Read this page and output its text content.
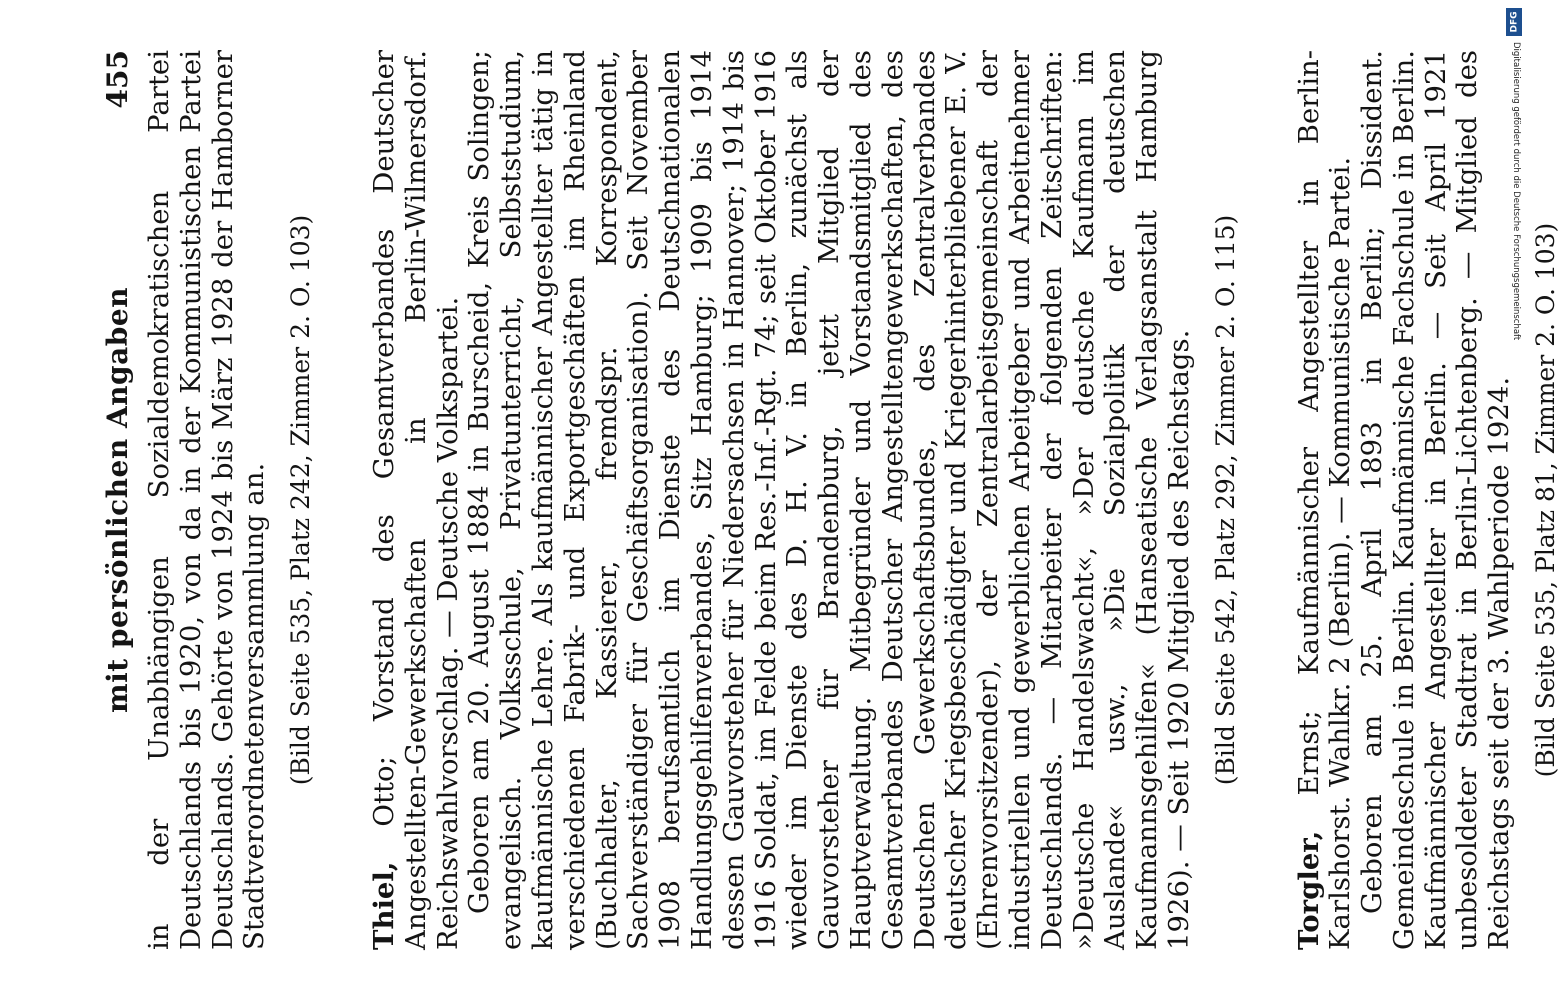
mit persönlichen Angaben
455 in der Unabhängigen Sozialdemokratischen Partei Deutschlands bis 1920, von da in der Kommunistischen Partei Deutschlands. Gehörte von 1924 bis März 1928 der Hamborner Stadtverordnetenversammlung an. (Bild Seite 535, Platz 242, Zimmer 2. O. 103)

Thiel, Otto; Vorstand des Gesamtverbandes Deutscher Angestellten-Gewerkschaften in Berlin-Wilmersdorf. Reichswahlvorschlag. — Deutsche Volkspartei. Geboren am 20. August 1884 in Burscheid, Kreis Solingen; evangelisch. Volksschule, Privatunterricht, Selbststudium, kaufmännische Lehre. Als kaufmännischer Angestellter tätig in verschiedenen Fabrik- und Exportgeschäften im Rheinland (Buchhalter, Kassierer, fremdspr. Korrespondent, Sachverständiger für Geschäftsorganisation). Seit November 1908 berufsamtlich im Dienste des Deutschnationalen Handlungsgehilfenverbandes, Sitz Hamburg; 1909 bis 1914 dessen Gauvorsteher für Niedersachsen in Hannover; 1914 bis 1916 Soldat, im Felde beim Res.-Inf.-Rgt. 74; seit Oktober 1916 wieder im Dienste des D. H. V. in Berlin, zunächst als Gauvorsteher für Brandenburg, jetzt Mitglied der Hauptverwaltung. Mitbegründer und Vorstandsmitglied des Gesamtverbandes Deutscher Angestelltengewerkschaften, des Deutschen Gewerkschaftsbundes, des Zentralverbandes deutscher Kriegsbeschädigter und Kriegerhinterbliebener E. V. (Ehrenvorsitzender), der Zentralarbeitsgemeinschaft der industriellen und gewerblichen Arbeitgeber und Arbeitnehmer Deutschlands. — Mitarbeiter der folgenden Zeitschriften: »Deutsche Handelswacht«, »Der deutsche Kaufmann im Auslande« usw., »Die Sozialpolitik der deutschen Kaufmannsgehilfen« (Hanseatische Verlagsanstalt Hamburg 1926). — Seit 1920 Mitglied des Reichstags. (Bild Seite 542, Platz 292, Zimmer 2. O. 115)

Torgler, Ernst; Kaufmännischer Angestellter in Berlin-Karlshorst. Wahlkr. 2 (Berlin). — Kommunistische Partei. Geboren am 25. April 1893 in Berlin; Dissident. Gemeindeschule in Berlin. Kaufmännische Fachschule in Berlin. Kaufmännischer Angestellter in Berlin. — Seit April 1921 unbesoldeter Stadtrat in Berlin-Lichtenberg. — Mitglied des Reichstags seit der 3. Wahlperiode 1924. (Bild Seite 535, Platz 81, Zimmer 2. O. 103)

DFG
Digitalisierung gefördert durch die Deutsche Forschungsgemeinschaft
